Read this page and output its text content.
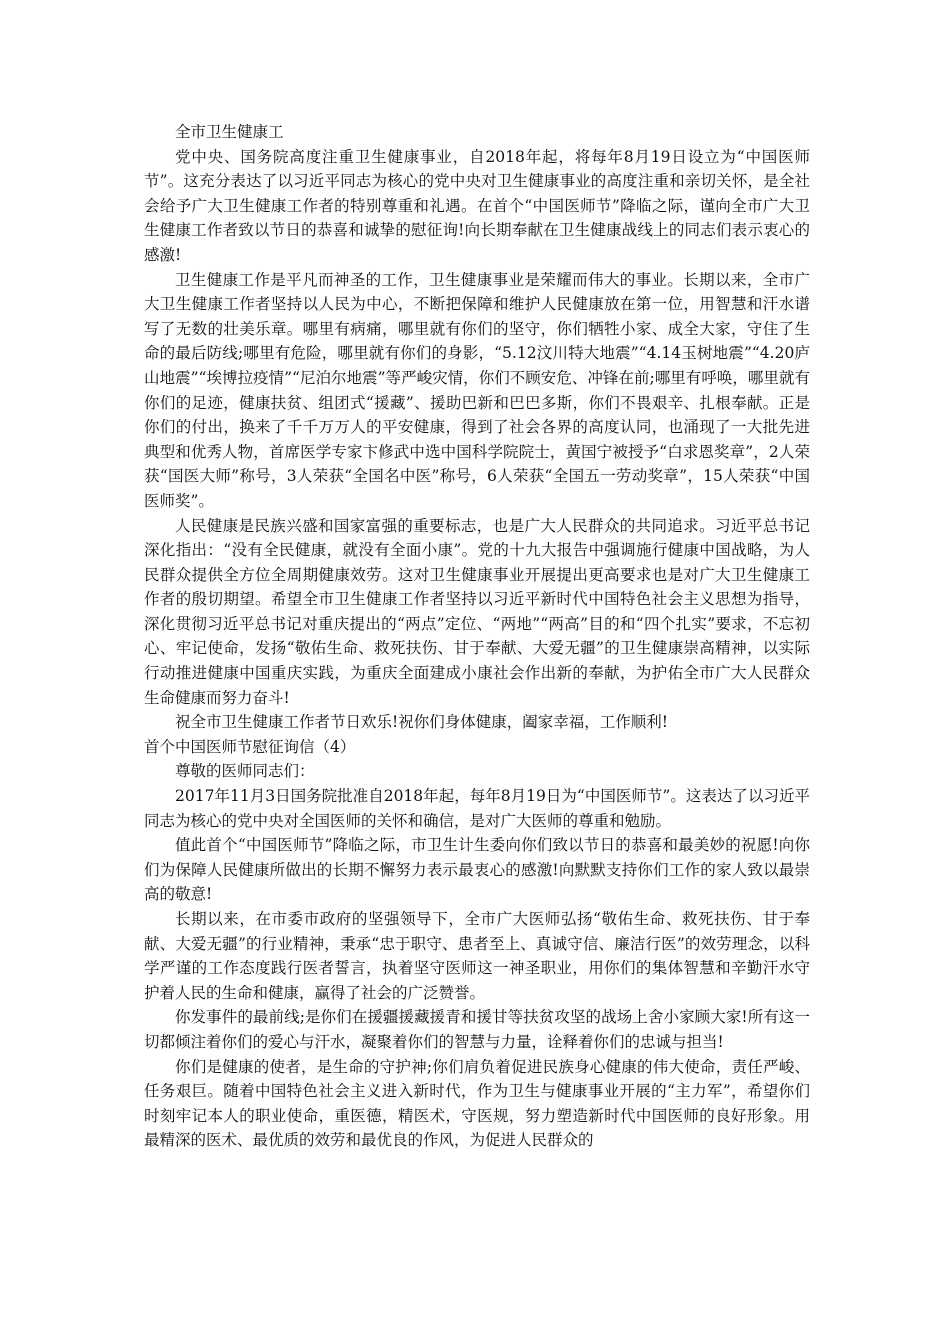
全市卫生健康工

党中央、国务院高度注重卫生健康事业，自2018年起，将每年8月19日设立为“中国医师节”。这充分表达了以习近平同志为核心的党中央对卫生健康事业的高度注重和亲切关怀，是全社会给予广大卫生健康工作者的特别尊重和礼遇。在首个“中国医师节”降临之际，谨向全市广大卫生健康工作者致以节日的恭喜和诚挚的慰征询!向长期奉献在卫生健康战线上的同志们表示衷心的感激!

卫生健康工作是平凡而神圣的工作，卫生健康事业是荣耀而伟大的事业。长期以来，全市广大卫生健康工作者坚持以人民为中心，不断把保障和维护人民健康放在第一位，用智慧和汗水谱写了无数的壮美乐章。哪里有病痛，哪里就有你们的坚守，你们牺牲小家、成全大家，守住了生命的最后防线;哪里有危险，哪里就有你们的身影，“5.12汶川特大地震”“4.14玉树地震”“4.20庐山地震”“埃博拉疫情”“尼泊尔地震”等严峻灾情，你们不顾安危、冲锋在前;哪里有呼唤，哪里就有你们的足迹，健康扶贫、组团式“援藏”、援助巴新和巴巴多斯，你们不畏艰辛、扎根奉献。正是你们的付出，换来了千千万万人的平安健康，得到了社会各界的高度认同，也涌现了一大批先进典型和优秀人物，首席医学专家卞修武中选中国科学院院士，黄国宁被授予“白求恩奖章”，2人荣获“国医大师”称号，3人荣获“全国名中医”称号，6人荣获“全国五一劳动奖章”，15人荣获“中国医师奖”。

人民健康是民族兴盛和国家富强的重要标志，也是广大人民群众的共同追求。习近平总书记深化指出：“没有全民健康，就没有全面小康”。党的十九大报告中强调施行健康中国战略，为人民群众提供全方位全周期健康效劳。这对卫生健康事业开展提出更高要求也是对广大卫生健康工作者的殷切期望。希望全市卫生健康工作者坚持以习近平新时代中国特色社会主义思想为指导，深化贯彻习近平总书记对重庆提出的“两点”定位、“两地”“两高”目的和“四个扎实”要求，不忘初心、牢记使命，发扬“敬佑生命、救死扶伤、甘于奉献、大爱无疆”的卫生健康崇高精神，以实际行动推进健康中国重庆实践，为重庆全面建成小康社会作出新的奉献，为护佑全市广大人民群众生命健康而努力奋斗!

祝全市卫生健康工作者节日欢乐!祝你们身体健康，阖家幸福，工作顺利!

首个中国医师节慰征询信（4）

尊敬的医师同志们：

2017年11月3日国务院批准自2018年起，每年8月19日为“中国医师节”。这表达了以习近平同志为核心的党中央对全国医师的关怀和确信，是对广大医师的尊重和勉励。

值此首个“中国医师节”降临之际，市卫生计生委向你们致以节日的恭喜和最美妙的祝愿!向你们为保障人民健康所做出的长期不懈努力表示最衷心的感激!向默默支持你们工作的家人致以最崇高的敬意!

长期以来，在市委市政府的坚强领导下，全市广大医师弘扬“敬佑生命、救死扶伤、甘于奉献、大爱无疆”的行业精神，秉承“忠于职守、患者至上、真诚守信、廉洁行医”的效劳理念，以科学严谨的工作态度践行医者誓言，执着坚守医师这一神圣职业，用你们的集体智慧和辛勤汗水守护着人民的生命和健康，赢得了社会的广泛赞誉。

你发事件的最前线;是你们在援疆援藏援青和援甘等扶贫攻坚的战场上舍小家顾大家!所有这一切都倾注着你们的爱心与汗水，凝聚着你们的智慧与力量，诠释着你们的忠诚与担当!

你们是健康的使者，是生命的守护神;你们肩负着促进民族身心健康的伟大使命，责任严峻、任务艰巨。随着中国特色社会主义进入新时代，作为卫生与健康事业开展的“主力军”，希望你们时刻牢记本人的职业使命，重医德，精医术，守医规，努力塑造新时代中国医师的良好形象。用最精深的医术、最优质的效劳和最优良的作风，为促进人民群众的
